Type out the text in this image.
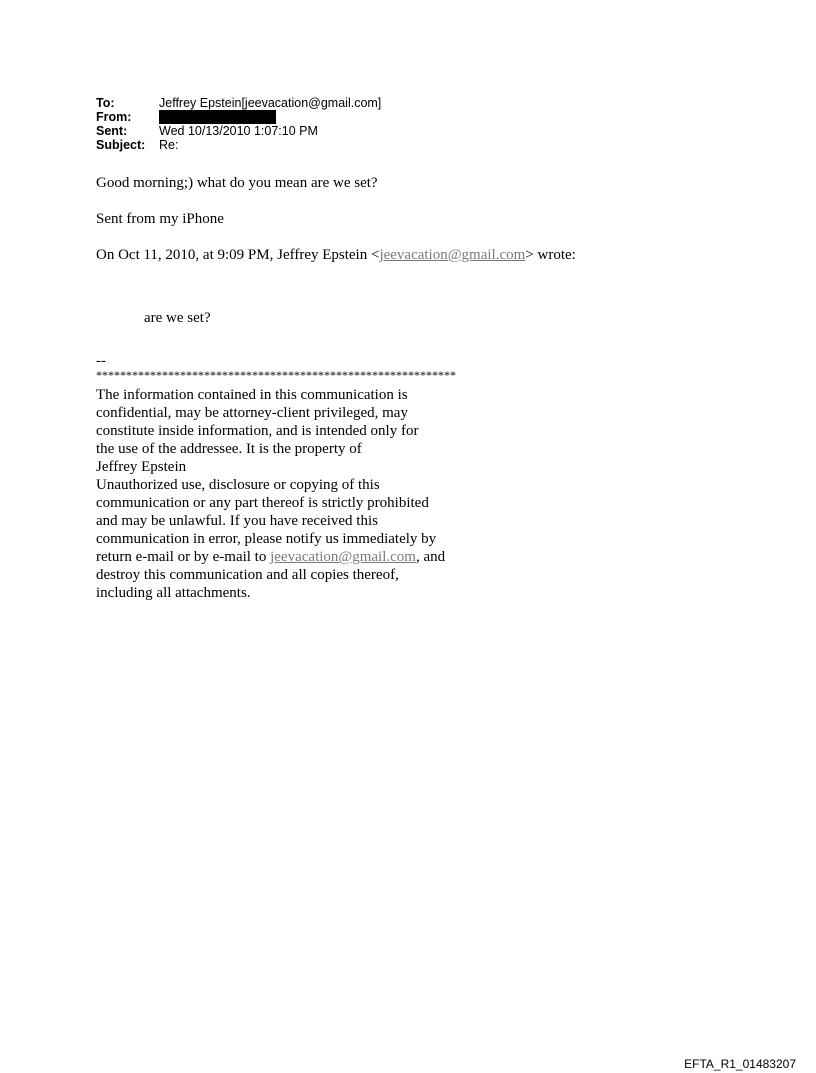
To:	Jeffrey Epstein[jeevacation@gmail.com]
From:
Sent:	Wed 10/13/2010 1:07:10 PM
Subject:	Re:

Good morning;) what do you mean are we set?

Sent from my iPhone

On Oct 11, 2010, at 9:09 PM, Jeffrey Epstein <jeevacation@gmail.com> wrote:

are we set?

--

************************************************************

The information contained in this communication is

confidential, may be attorney-client privileged, may

constitute inside information, and is intended only for

the use of the addressee. It is the property of

Jeffrey Epstein

Unauthorized use, disclosure or copying of this

communication or any part thereof is strictly prohibited

and may be unlawful. If you have received this

communication in error, please notify us immediately by

return e-mail or by e-mail to jeevacation@gmail.com, and

destroy this communication and all copies thereof,

including all attachments.

EFTA_R1_01483207
